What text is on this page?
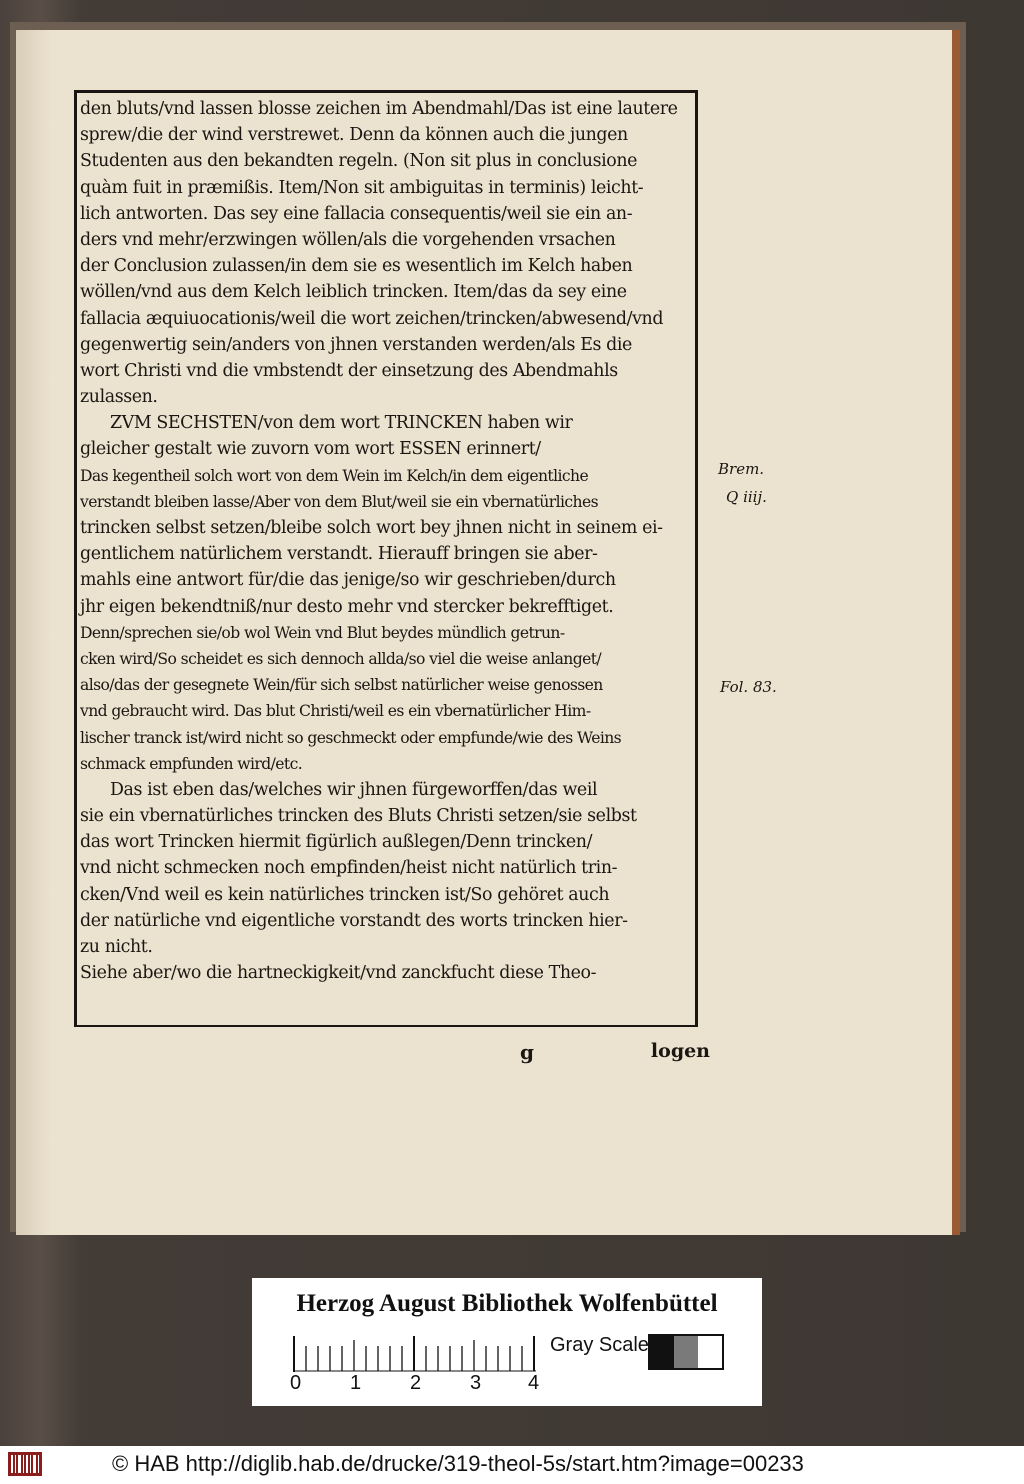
den bluts/vnd lassen blosse zeichen im Abendmahl/Das ist eine lautere
sprew/die der wind verstrewet. Denn da können auch die jungen
Studenten aus den bekandten regeln. (Non sit plus in conclusione
quàm fuit in præmißis. Item/Non sit ambiguitas in terminis) leicht-
lich antworten. Das sey eine fallacia consequentis/weil sie ein an-
ders vnd mehr/erzwingen wöllen/als die vorgehenden vrsachen
der Conclusion zulassen/in dem sie es wesentlich im Kelch haben
wöllen/vnd aus dem Kelch leiblich trincken. Item/das da sey eine
fallacia æquiuocationis/weil die wort zeichen/trincken/abwesend/vnd
gegenwertig sein/anders von jhnen verstanden werden/als Es die
wort Christi vnd die vmbstendt der einsetzung des Abendmahls
zulassen.
ZVM SECHSTEN/von dem wort TRINCKEN haben wir
gleicher gestalt wie zuvorn vom wort ESSEN erinnert/
Das kegentheil solch wort von dem Wein im Kelch/in dem eigentliche
verstandt bleiben lasse/Aber von dem Blut/weil sie ein vbernatürliches
trincken selbst setzen/bleibe solch wort bey jhnen nicht in seinem ei-
gentlichem natürlichem verstandt. Hierauff bringen sie aber-
mahls eine antwort für/die das jenige/so wir geschrieben/durch
jhr eigen bekendtniß/nur desto mehr vnd stercker bekrefftiget.
Denn/sprechen sie/ob wol Wein vnd Blut beydes mündlich getrun-
cken wird/So scheidet es sich dennoch allda/so viel die weise anlanget/
also/das der gesegnete Wein/für sich selbst natürlicher weise genossen
vnd gebraucht wird. Das blut Christi/weil es ein vbernatürlicher Him-
lischer tranck ist/wird nicht so geschmeckt oder empfunde/wie des Weins
schmack empfunden wird/etc.
Das ist eben das/welches wir jhnen fürgeworffen/das weil
sie ein vbernatürliches trincken des Bluts Christi setzen/sie selbst
das wort Trincken hiermit figürlich außlegen/Denn trincken/
vnd nicht schmecken noch empfinden/heist nicht natürlich trin-
cken/Vnd weil es kein natürliches trincken ist/So gehöret auch
der natürliche vnd eigentliche vorstandt des worts trincken hier-
zu nicht.
Siehe aber/wo die hartneckigkeit/vnd zanckfucht diese Theo-
Brem.
Q iiij.
Fol. 83.
g	logen
Herzog August Bibliothek Wolfenbüttel
0 1 2 3 4
Gray Scale
© HAB http://diglib.hab.de/drucke/319-theol-5s/start.htm?image=00233
